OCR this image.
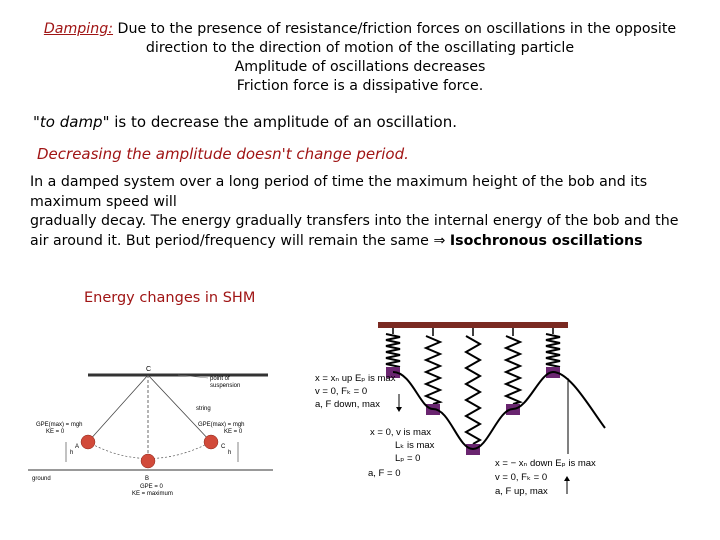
Damping: Due to the presence of resistance/friction forces on oscillations in the opposite
direction to the direction of motion of the oscillating particle
Amplitude of oscillations decreases
Friction force is a dissipative force.
"to damp" is to decrease the amplitude of an oscillation.
Decreasing the amplitude doesn't change period.
In a damped system over a long period of time the maximum height of the bob and its
maximum speed will
gradually decay. The energy gradually transfers into the internal energy of the bob and the
air around it. But period/frequency will remain the same ⇒ Isochronous oscillations
Energy changes in SHM
C
point of
suspension
string
GPE(max) = mgh
KE = 0
GPE(max) = mgh
KE = 0
h	h
A	C
ground	B
GPE = 0
KE = maximum
x = xₙ up Eₚ is max
v = 0, Fₖ = 0
a, F down, max
x = 0, v is max
Lₖ is max
Lₚ = 0
a, F = 0
x = − xₙ down Eₚ is max
v = 0, Fₖ = 0
a, F up, max
